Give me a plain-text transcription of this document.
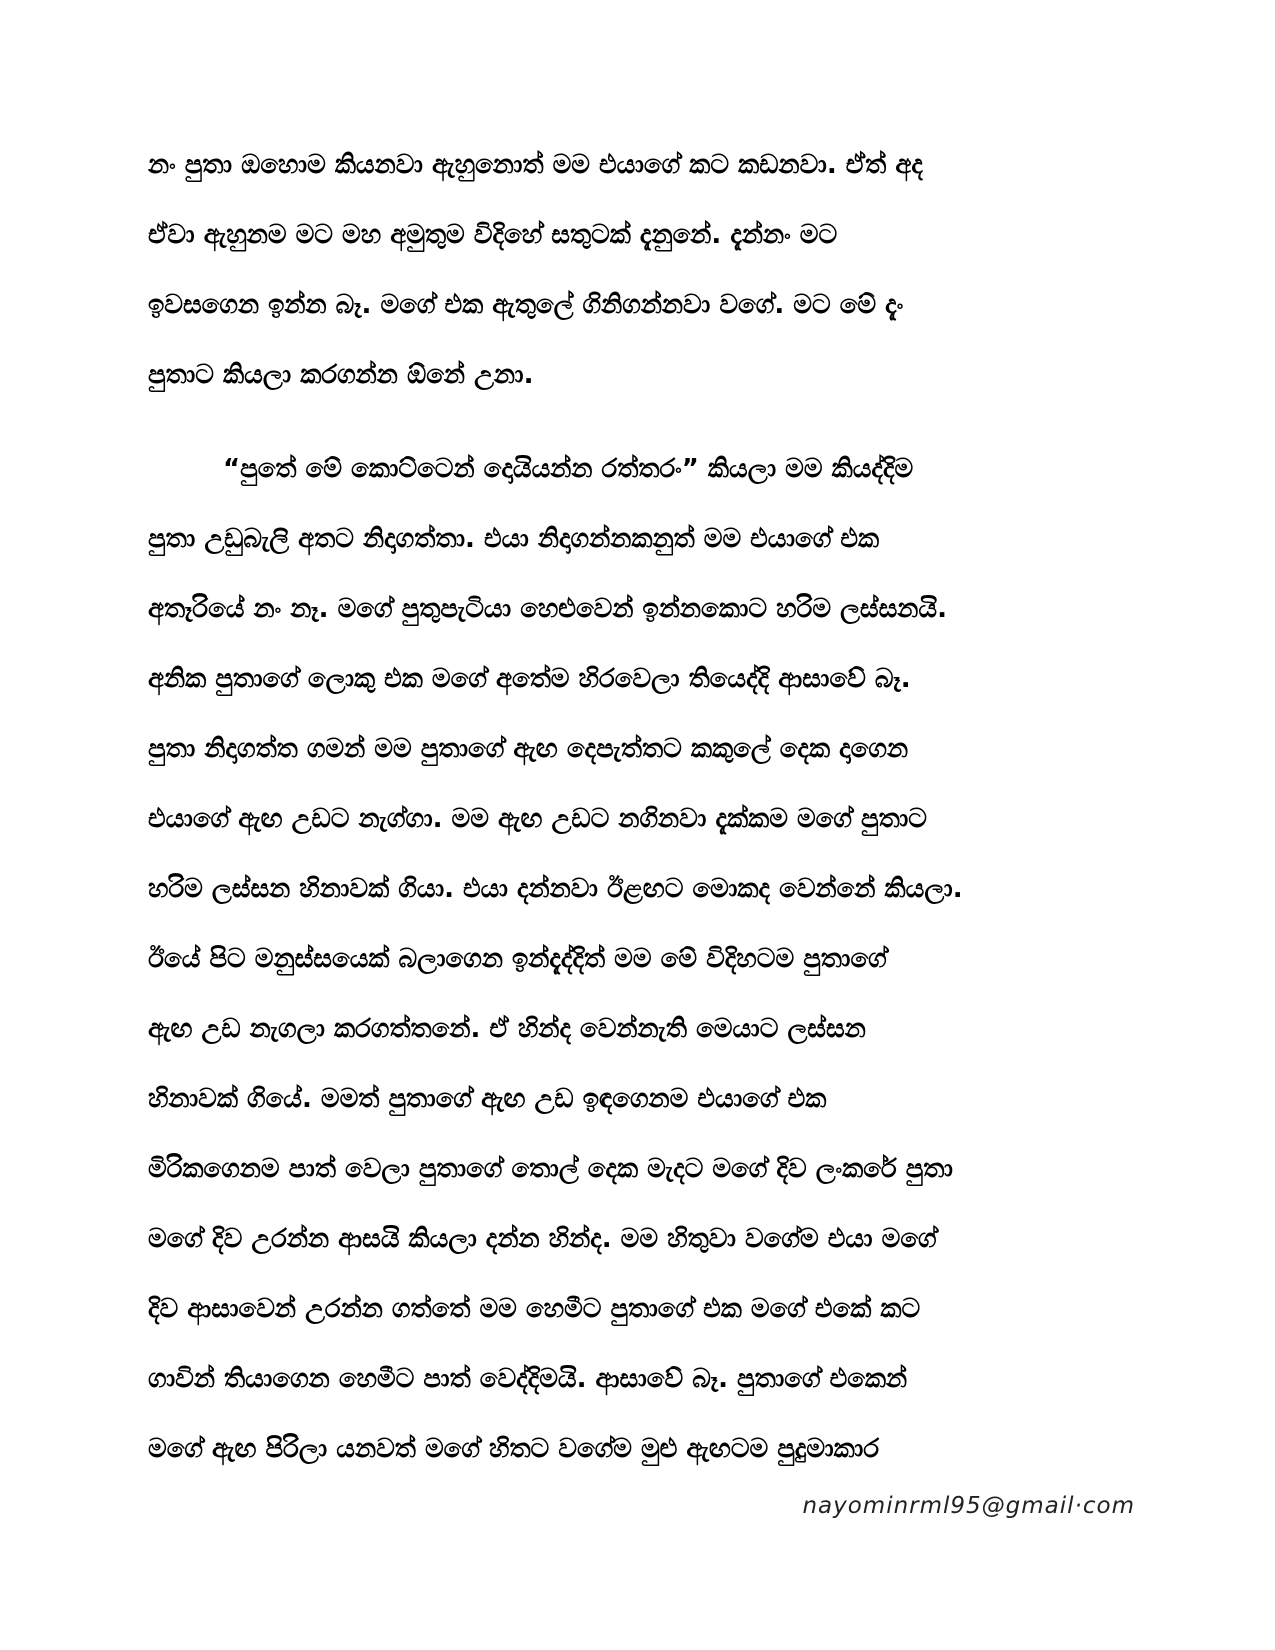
නං පුතා ඔහොම කියනවා ඇහුනොත් මම එයාගේ කට කඩනවා. ඒත් අද
ඒවා ඇහුනම මට මහ අමුතුම විදිහේ සතුටක් දැනුනේ. දැන්නං මට
ඉවසගෙන ඉන්න බෑ. මගේ එක ඇතුලේ ගිනිගන්නවා වගේ. මට මේ දැං
පුතාට කියලා කරගන්න ඕනේ උනා.
“පුතේ මේ කොට්ටෙන් දොයියන්න රත්තරං” කියලා මම කියද්දිම
පුතා උඩුබැලි අතට නිදාගත්තා. එයා නිදාගන්නකනුත් මම එයාගේ එක
අතෑරියේ නං නෑ. මගේ පුතුපැටියා හෙළුවෙන් ඉන්නකොට හරිම ලස්සනයි.
අනික පුතාගේ ලොකු එක මගේ අතේම හිරවෙලා තියෙද්දි ආසාවේ බෑ.
පුතා නිදාගත්ත ගමන් මම පුතාගේ ඇඟ දෙපැත්තට කකුලේ දෙක දාගෙන
එයාගේ ඇඟ උඩට නැග්ගා. මම ඇඟ උඩට නගිනවා දැක්කම මගේ පුතාට
හරිම ලස්සන හිනාවක් ගියා. එයා දන්නවා ඊළඟට මොකද වෙන්නේ කියලා.
ඊයේ පිට මනුස්සයෙක් බලාගෙන ඉන්දැද්දිත් මම මේ විදිහටම පුතාගේ
ඇඟ උඩ නැගලා කරගත්තනේ. ඒ හින්ද වෙන්නැති මෙයාට ලස්සන
හිනාවක් ගියේ. මමත් පුතාගේ ඇඟ උඩ ඉඳගෙනම එයාගේ එක
මිරිකගෙනම පාත් වෙලා පුතාගේ තොල් දෙක මැදට මගේ දිව ලංකරේ පුතා
මගේ දිව උරන්න ආසයි කියලා දන්න හින්ද. මම හිතුවා වගේම එයා මගේ
දිව ආසාවෙන් උරන්න ගත්තේ මම හෙමීට පුතාගේ එක මගේ එකේ කට
ගාවින් තියාගෙන හෙමීට පාත් වෙද්දිමයි. ආසාවේ බෑ. පුතාගේ එකෙන්
මගේ ඇඟ පිරිලා යනවත් මගේ හිතට වගේම මුළු ඇඟටම පුදුමාකාර
nayominrml95@gmail·com
